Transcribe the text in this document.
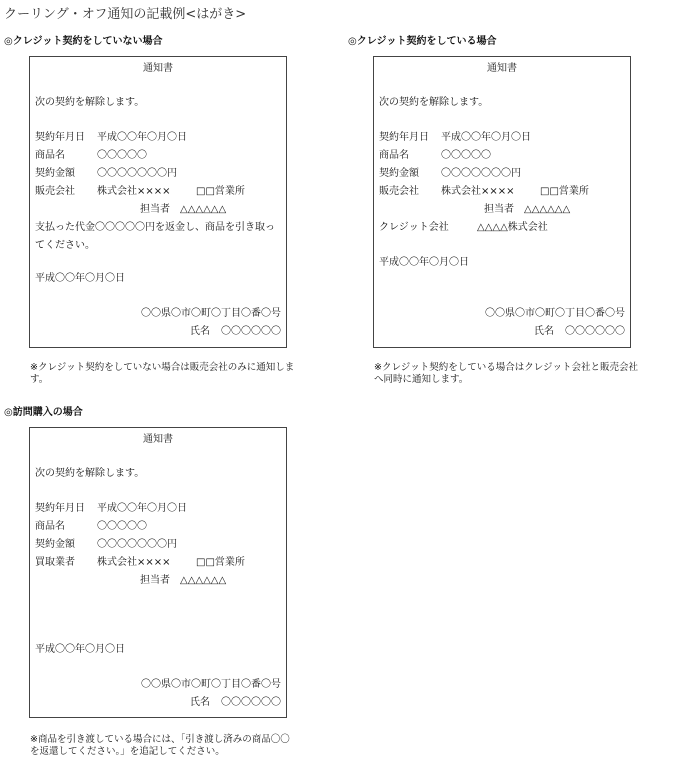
クーリング・オフ通知の記載例<はがき>
◎クレジット契約をしていない場合
通知書
次の契約を解除します。
契約年月日 平成〇〇年〇月〇日
商品名	〇〇〇〇〇
契約金額 〇〇〇〇〇〇〇円
販売会社 株式会社××××	□□営業所
担当者 △△△△△△
支払った代金〇〇〇〇〇円を返金し、商品を引き取ってください。
平成〇〇年〇月〇日
〇〇県〇市〇町〇丁目〇番〇号
氏名 〇〇〇〇〇〇
※クレジット契約をしていない場合は販売会社のみに通知します。
◎クレジット契約をしている場合
通知書
次の契約を解除します。
契約年月日 平成〇〇年〇月〇日
商品名	〇〇〇〇〇
契約金額 〇〇〇〇〇〇〇円
販売会社 株式会社××××	□□営業所
担当者 △△△△△△
クレジット会社	△△△△株式会社
平成〇〇年〇月〇日
〇〇県〇市〇町〇丁目〇番〇号
氏名 〇〇〇〇〇〇
※クレジット契約をしている場合はクレジット会社と販売会社へ同時に通知します。
◎訪問購入の場合
通知書
次の契約を解除します。
契約年月日 平成〇〇年〇月〇日
商品名	〇〇〇〇〇
契約金額 〇〇〇〇〇〇〇円
買取業者 株式会社××××	□□営業所
担当者 △△△△△△
平成〇〇年〇月〇日
〇〇県〇市〇町〇丁目〇番〇号
氏名 〇〇〇〇〇〇
※商品を引き渡している場合には、「引き渡し済みの商品〇〇を返還してください。」を追記してください。
